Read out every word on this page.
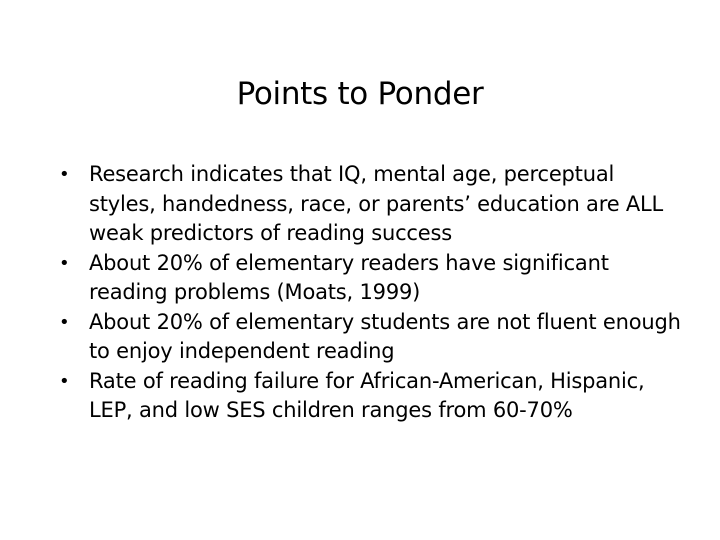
Points to Ponder
• Research indicates that IQ, mental age, perceptual styles, handedness, race, or parents’ education are ALL weak predictors of reading success
• About 20% of elementary readers have significant reading problems (Moats, 1999)
• About 20% of elementary students are not fluent enough to enjoy independent reading
• Rate of reading failure for African-American, Hispanic, LEP, and low SES children ranges from 60-70%
